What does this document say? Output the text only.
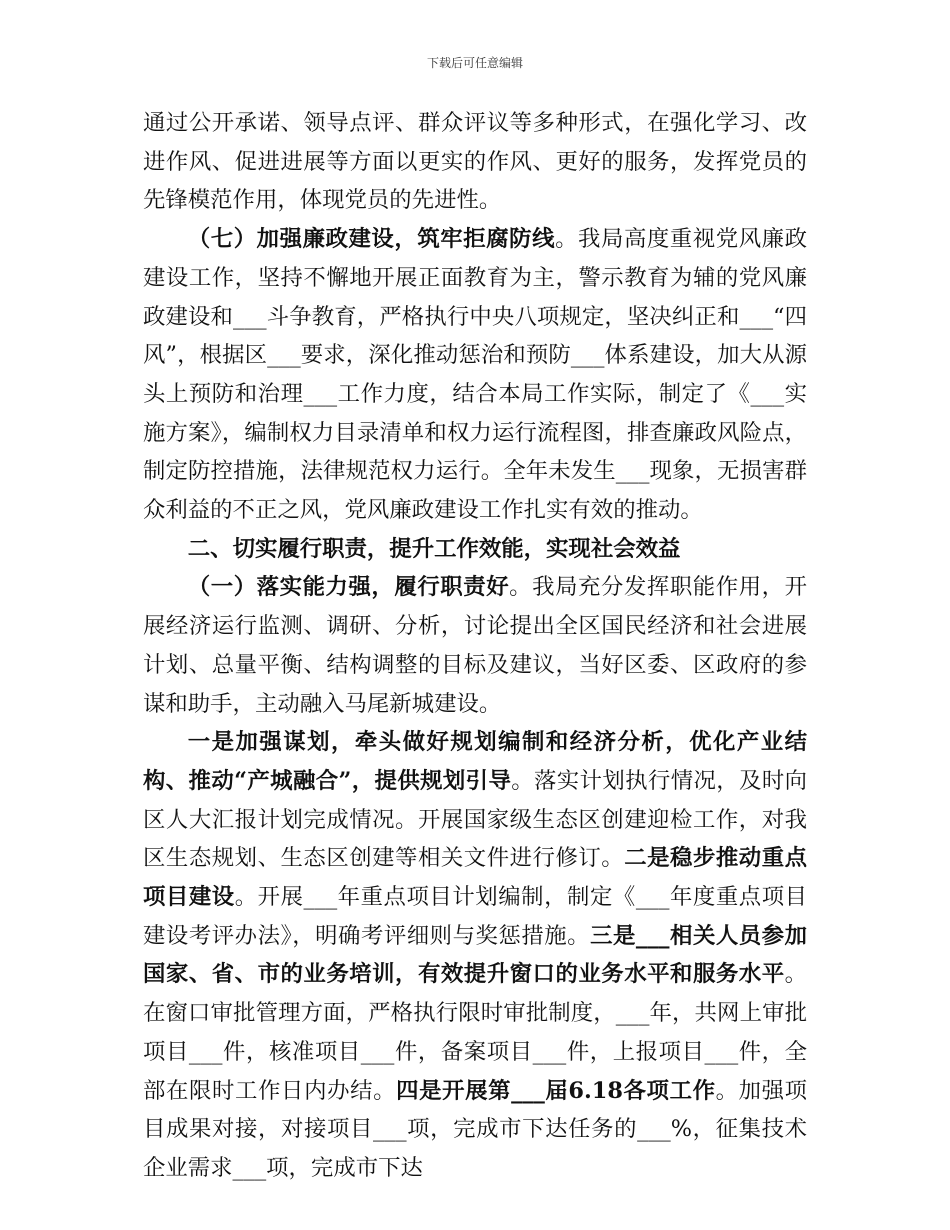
下载后可任意编辑

通过公开承诺、领导点评、群众评议等多种形式，在强化学习、改进作风、促进进展等方面以更实的作风、更好的服务，发挥党员的先锋模范作用，体现党员的先进性。

（七）加强廉政建设，筑牢拒腐防线。我局高度重视党风廉政建设工作，坚持不懈地开展正面教育为主，警示教育为辅的党风廉政建设和___斗争教育，严格执行中央八项规定，坚决纠正和___“四风”，根据区___要求，深化推动惩治和预防___体系建设，加大从源头上预防和治理___工作力度，结合本局工作实际，制定了《___实施方案》，编制权力目录清单和权力运行流程图，排查廉政风险点，制定防控措施，法律规范权力运行。全年未发生___现象，无损害群众利益的不正之风，党风廉政建设工作扎实有效的推动。

二、切实履行职责，提升工作效能，实现社会效益

（一）落实能力强，履行职责好。我局充分发挥职能作用，开展经济运行监测、调研、分析，讨论提出全区国民经济和社会进展计划、总量平衡、结构调整的目标及建议，当好区委、区政府的参谋和助手，主动融入马尾新城建设。

一是加强谋划，牵头做好规划编制和经济分析，优化产业结构、推动“产城融合”，提供规划引导。落实计划执行情况，及时向区人大汇报计划完成情况。开展国家级生态区创建迎检工作，对我区生态规划、生态区创建等相关文件进行修订。二是稳步推动重点项目建设。开展___年重点项目计划编制，制定《___年度重点项目建设考评办法》，明确考评细则与奖惩措施。三是___相关人员参加国家、省、市的业务培训，有效提升窗口的业务水平和服务水平。在窗口审批管理方面，严格执行限时审批制度，___年，共网上审批项目___件，核准项目___件，备案项目___件，上报项目___件，全部在限时工作日内办结。四是开展第___届6.18各项工作。加强项目成果对接，对接项目___项，完成市下达任务的___%，征集技术企业需求___项，完成市下达
